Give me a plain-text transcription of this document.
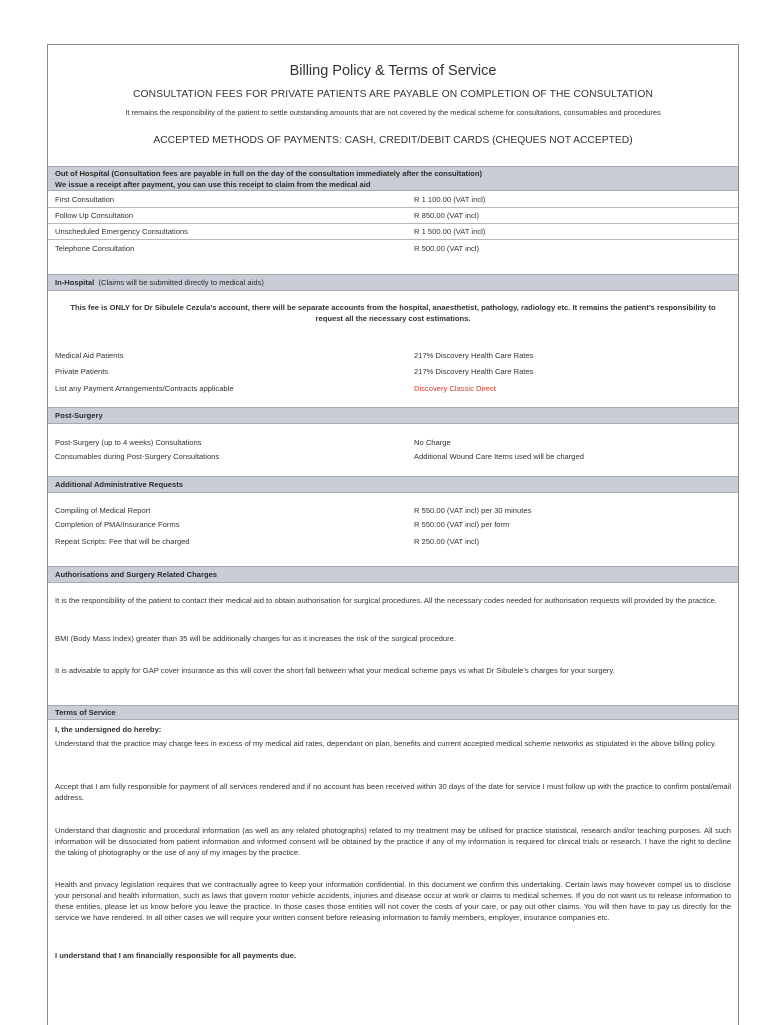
Billing Policy & Terms of Service
CONSULTATION FEES FOR PRIVATE PATIENTS ARE PAYABLE ON COMPLETION OF THE CONSULTATION
It remains the responsibility of the patient to settle outstanding amounts that are not covered by the medical scheme for consultations, consumables and procedures
ACCEPTED METHODS OF PAYMENTS: CASH, CREDIT/DEBIT CARDS (CHEQUES NOT ACCEPTED)
Out of Hospital (Consultation fees are payable in full on the day of the consultation immediately after the consultation)
We issue a receipt after payment, you can use this receipt to claim from the medical aid
First Consultation	R 1 100.00 (VAT incl)
Follow Up Consultation	R 850.00 (VAT incl)
Unscheduled Emergency Consultations	R 1 500.00 (VAT incl)
Telephone Consultation	R 500.00 (VAT incl)
In-Hospital (Claims will be submitted directly to medical aids)
This fee is ONLY for Dr Sibulele Cezula’s account, there will be separate accounts from the hospital, anaesthetist, pathology, radiology etc. It remains the patient’s responsibility to request all the necessary cost estimations.
Medical Aid Patients	217% Discovery Health Care Rates
Private Patients	217% Discovery Health Care Rates
List any Payment Arrangements/Contracts applicable	Discovery Classic Direct
Post-Surgery
Post-Surgery (up to 4 weeks) Consultations	No Charge
Consumables during Post-Surgery Consultations	Additional Wound Care Items used will be charged
Additional Administrative Requests
Compiling of Medical Report	R 550.00 (VAT incl) per 30 minutes
Completion of PMA/Insurance Forms	R 550.00 (VAT incl) per form
Repeat Scripts: Fee that will be charged	R 250.00 (VAT incl)
Authorisations and Surgery Related Charges
It is the responsibility of the patient to contact their medical aid to obtain authorisation for surgical procedures. All the necessary codes needed for authorisation requests will provided by the practice.
BMI (Body Mass Index) greater than 35 will be additionally charges for as it increases the risk of the surgical procedure.
It is advisable to apply for GAP cover insurance as this will cover the short fall between what your medical scheme pays vs what Dr Sibulele’s charges for your surgery.
Terms of Service
I, the undersigned do hereby:
Understand that the practice may charge fees in excess of my medical aid rates, dependant on plan, benefits and current accepted medical scheme networks as stipulated in the above billing policy.
Accept that I am fully responsible for payment of all services rendered and if no account has been received within 30 days of the date for service I must follow up with the practice to confirm postal/email address.
Understand that diagnostic and procedural information (as well as any related photographs) related to my treatment may be utilised for practice statistical, research and/or teaching purposes. All such information will be dissociated from patient information and informed consent will be obtained by the practice if any of my information is required for clinical trials or research. I have the right to decline the taking of photography or the use of any of my images by the practice.
Health and privacy legislation requires that we contractually agree to keep your information confidential. In this document we confirm this undertaking. Certain laws may however compel us to disclose your personal and health information, such as laws that govern motor vehicle accidents, injuries and disease occur at work or claims to medical schemes. If you do not want us to release information to these entities, please let us know before you leave the practice. In those cases those entities will not cover the costs of your care, or pay out other claims. You will then have to pay us directly for the service we have rendered. In all other cases we will require your written consent before releasing information to family members, employer, insurance companies etc.
I understand that I am financially responsible for all payments due.
